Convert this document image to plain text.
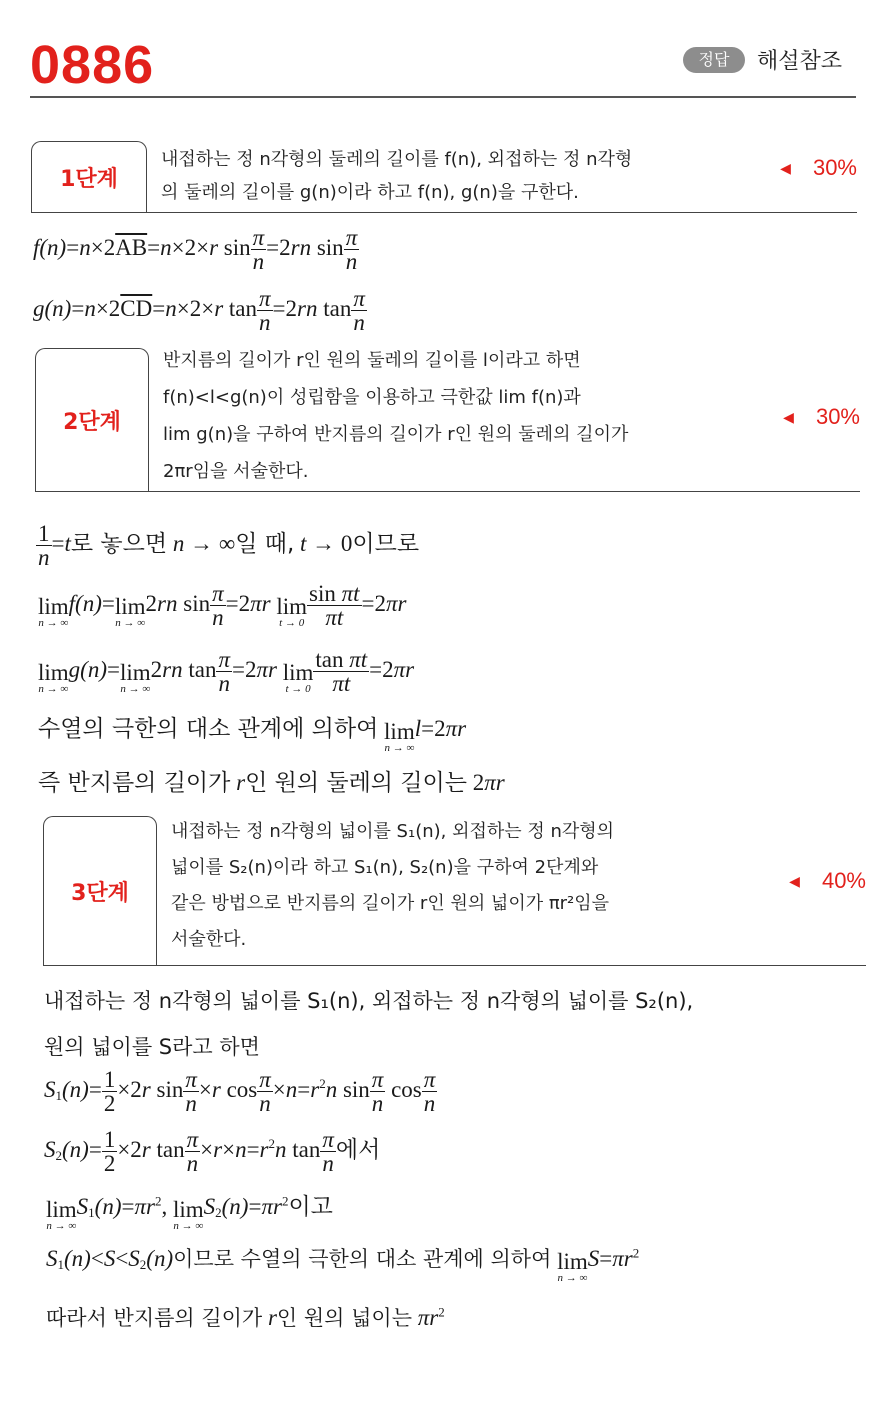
0886	정답	해설참조
1단계
내접하는 정 n각형의 둘레의 길이를 f(n), 외접하는 정 n각형
의 둘레의 길이를 g(n)이라 하고 f(n), g(n)을 구한다.
◀ 30%
$f(n)=n\times 2\overline{AB}=n\times 2\times r$ $\sin \frac{\pi}{n} =2rn$ $\sin \frac{\pi}{n}$
$g(n)=n\times 2\overline{CD}=n\times 2\times r$ $\tan \frac{\pi}{n} =2rn$ $\tan \frac{\pi}{n}$
2단계
반지름의 길이가 r인 원의 둘레의 길이를 l이라고 하면
f(n)<l<g(n)이 성립함을 이용하고 극한값 lim f(n)과
lim g(n)을 구하여 반지름의 길이가 r인 원의 둘레의 길이가
2πr임을 서술한다.
◀ 30%
$\frac{1}{n} =t$로 놓으면 n → ∞일 때, t → 0이므로
lim
n → ∞
f(n)= lim
n → ∞
2rn $\sin \frac{\pi}{n} =2\pi r$ lim
$t \to 0 \frac{\text{sin πt}}{\pi t} =2\pi r$
lim
n → ∞
g(n)= lim
n → ∞
2rn $\tan \frac{\pi}{n} =2\pi r$ lim
$t \to 0 \frac{\text{tan πt}}{\pi t} =2\pi r$
수열의 극한의 대소 관계에 의하여 lim
n → ∞
l=2πr
즉 반지름의 길이가 r인 원의 둘레의 길이는 2πr
3단계
내접하는 정 n각형의 넓이를 S₁(n), 외접하는 정 n각형의
넓이를 S₂(n)이라 하고 S₁(n), S₂(n)을 구하여 2단계와
같은 방법으로 반지름의 길이가 r인 원의 넓이가 πr²임을
서술한다.
◀ 40%
내접하는 정 n각형의 넓이를 S₁(n), 외접하는 정 n각형의 넓이를 S₂(n),
원의 넓이를 S라고 하면
$S_1(n)= \frac{1}{2} \times 2r$ $\sin \frac{\pi}{n} \times r$ $\cos \frac{\pi}{n} \times n=r^2n$ $\sin \frac{\pi}{n}$ $\cos \frac{\pi}{n}$
$S_2(n)= \frac{1}{2} \times 2r$ $\tan \frac{\pi}{n} \times r\times n=r^2n$ $\tan \frac{\pi}{n}$ 에서
lim
n → ∞
$S_1(n)=\pi r^2$, lim
n → ∞
$S_2(n)=\pi r^2$이고
$S_1(n)<S<S_2(n)$이므로 수열의 극한의 대소 관계에 의하여 lim
n → ∞
$S=\pi r^2$
따라서 반지름의 길이가 r인 원의 넓이는 $\pi r^2$
